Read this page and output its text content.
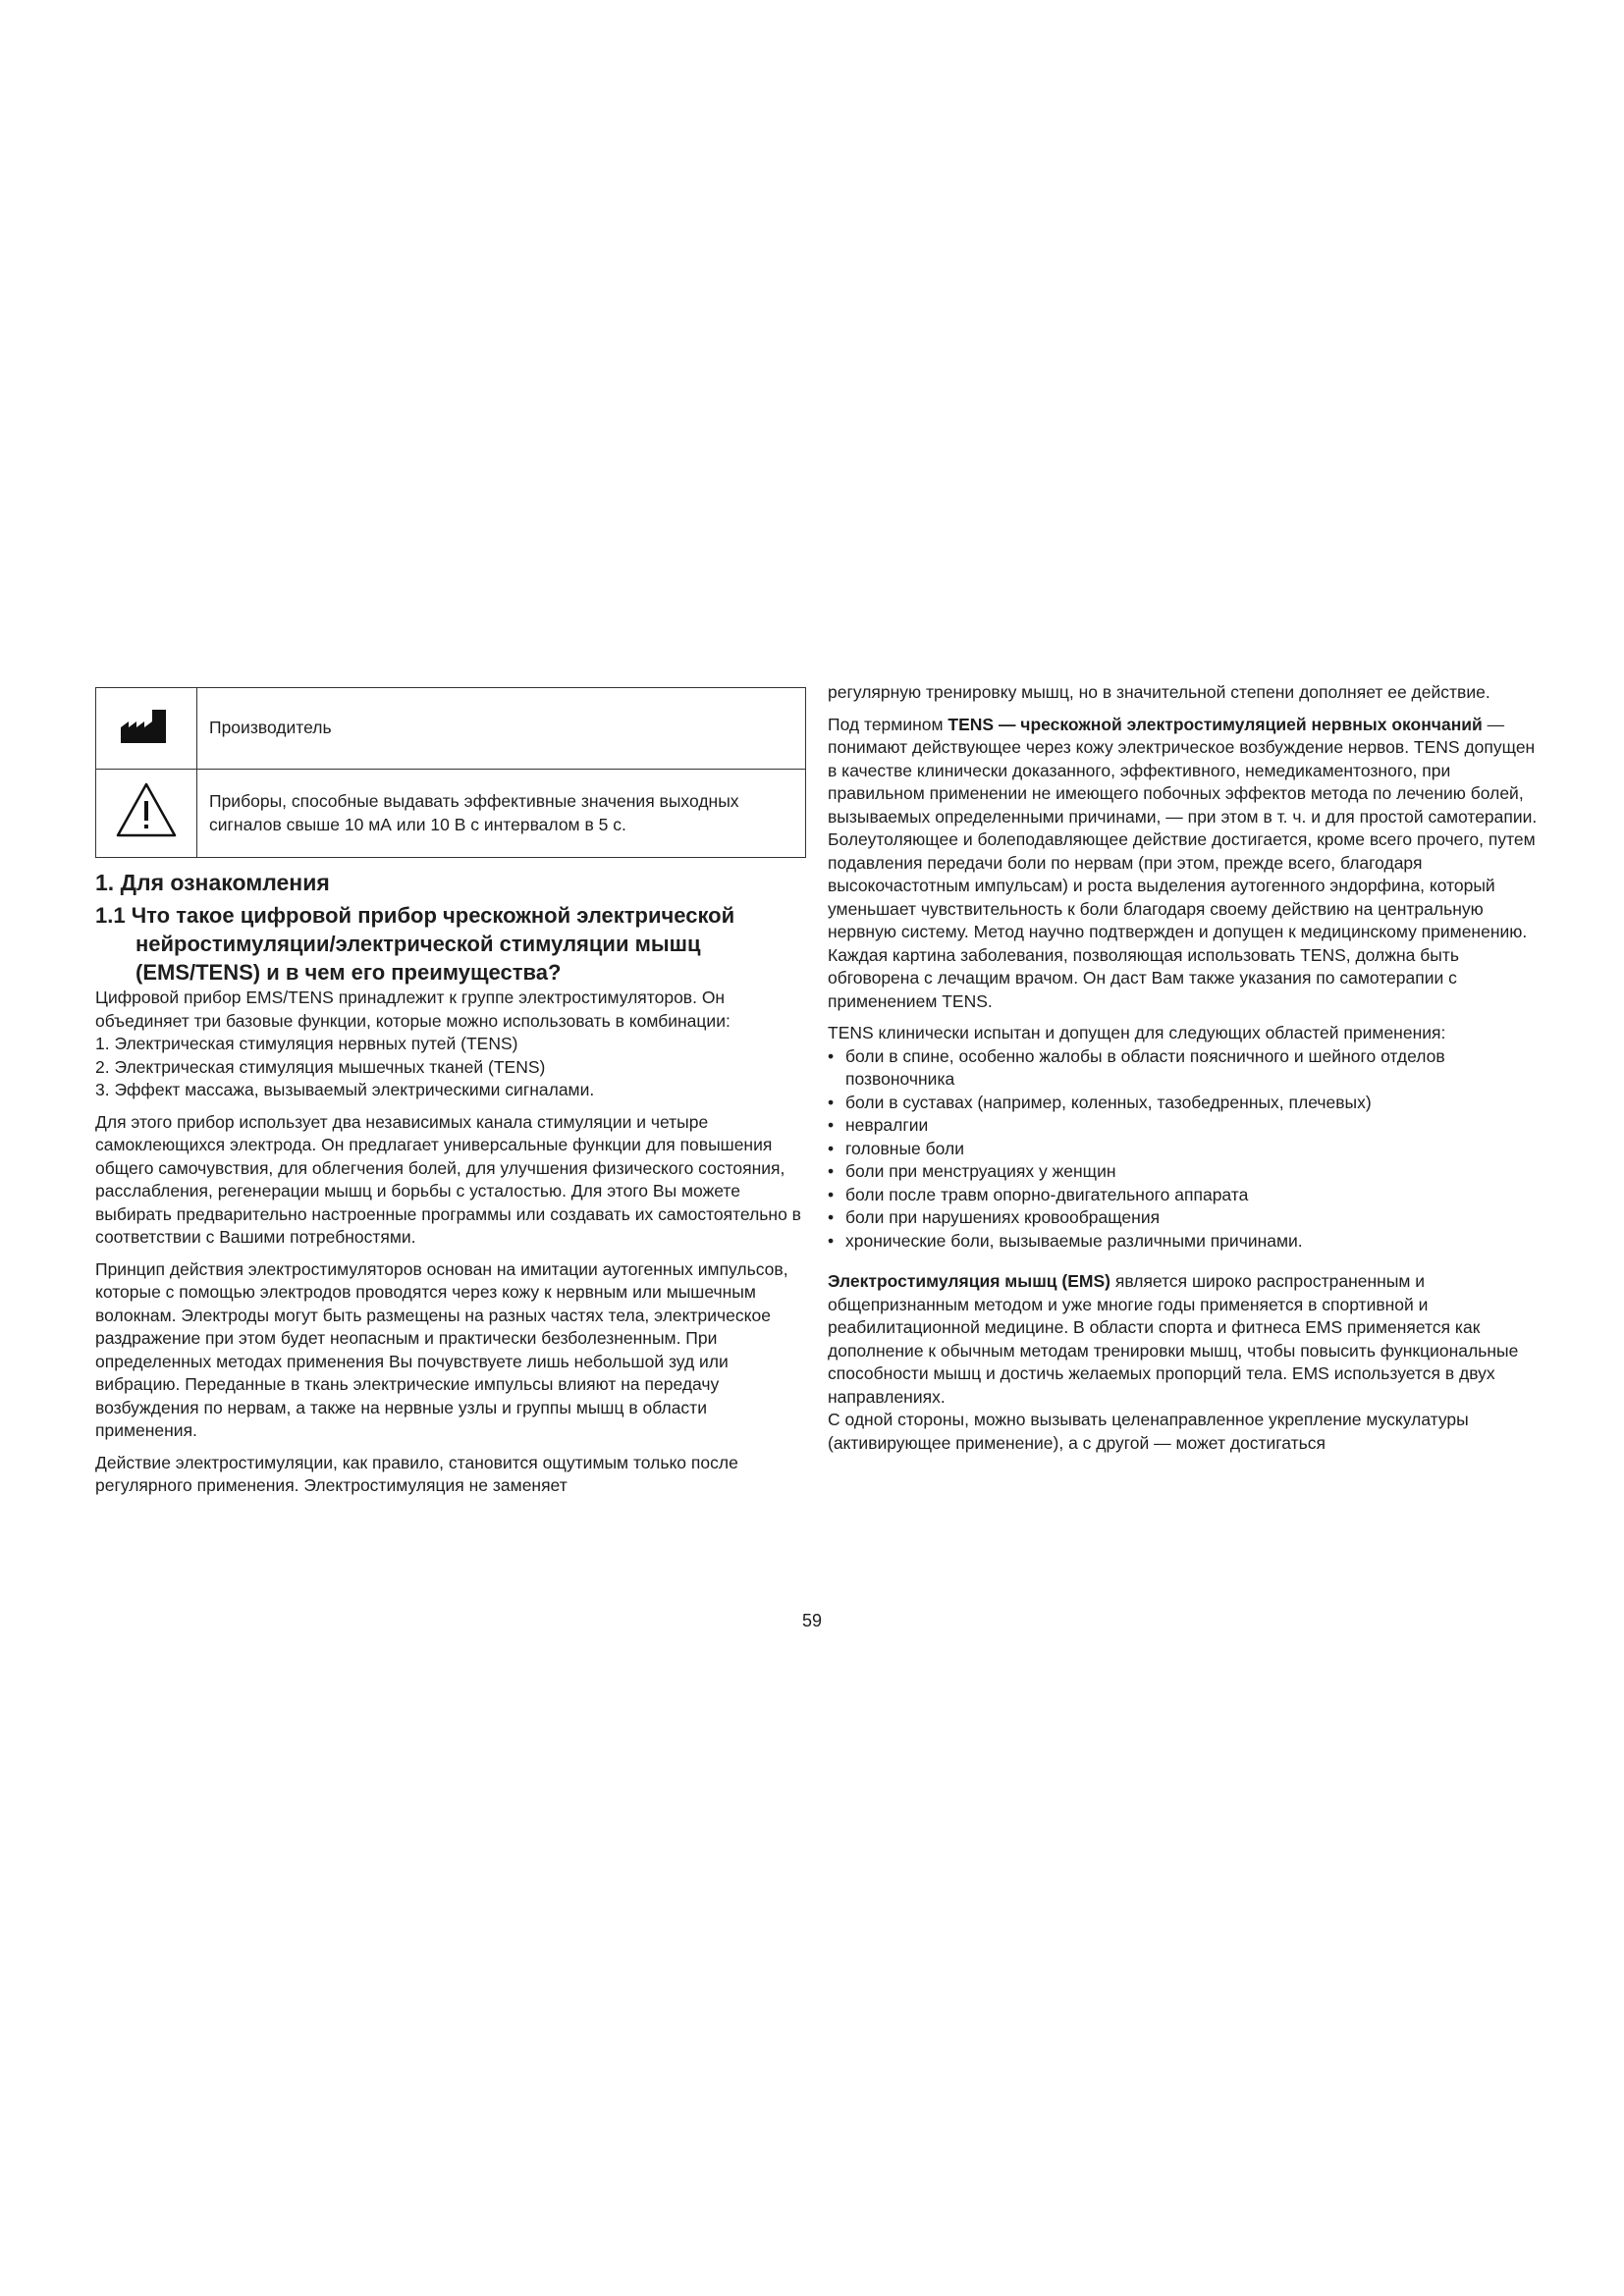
	Производитель
	Приборы, способные выдавать эффективные значения выходных сигналов свыше 10 мА или 10 В с интервалом в 5 с.
1. Для ознакомления
1.1 Что такое цифровой прибор чрескожной электрической нейростимуляции/электрической стимуляции мышц (EMS/TENS) и в чем его преимущества?

Цифровой прибор EMS/TENS принадлежит к группе электростимуляторов. Он объединяет три базовые функции, которые можно использовать в комбинации:

1. Электрическая стимуляция нервных путей (TENS)
2. Электрическая стимуляция мышечных тканей (TENS)
3. Эффект массажа, вызываемый электрическими сигналами.

Для этого прибор использует два независимых канала стимуляции и четыре самоклеющихся электрода. Он предлагает универсальные функции для повышения общего самочувствия, для облегчения болей, для улучшения физического состояния, расслабления, регенерации мышц и борьбы с усталостью. Для этого Вы можете выбирать предварительно настроенные программы или создавать их самостоятельно в соответствии с Вашими потребностями.

Принцип действия электростимуляторов основан на имитации аутогенных импульсов, которые с помощью электродов проводятся через кожу к нервным или мышечным волокнам. Электроды могут быть размещены на разных частях тела, электрическое раздражение при этом будет неопасным и практически безболезненным. При определенных методах применения Вы почувствуете лишь небольшой зуд или вибрацию. Переданные в ткань электрические импульсы влияют на передачу возбуждения по нервам, а также на нервные узлы и группы мышц в области применения.

Действие электростимуляции, как правило, становится ощутимым только после регулярного применения. Электростимуляция не заменяет

регулярную тренировку мышц, но в значительной степени дополняет ее действие.

Под термином TENS — чрескожной электростимуляцией нервных окончаний — понимают действующее через кожу электрическое возбуждение нервов. TENS допущен в качестве клинически доказанного, эффективного, немедикаментозного, при правильном применении не имеющего побочных эффектов метода по лечению болей, вызываемых определенными причинами, — при этом в т. ч. и для простой самотерапии. Болеутоляющее и болеподавляющее действие достигается, кроме всего прочего, путем подавления передачи боли по нервам (при этом, прежде всего, благодаря высокочастотным импульсам) и роста выделения аутогенного эндорфина, который уменьшает чувствительность к боли благодаря своему действию на центральную нервную систему. Метод научно подтвержден и допущен к медицинскому применению.

Каждая картина заболевания, позволяющая использовать TENS, должна быть обговорена с лечащим врачом. Он даст Вам также указания по самотерапии с применением TENS.

TENS клинически испытан и допущен для следующих областей применения:

• боли в спине, особенно жалобы в области поясничного и шейного отделов позвоночника
• боли в суставах (например, коленных, тазобедренных, плечевых)
• невралгии
• головные боли
• боли при менструациях у женщин
• боли после травм опорно-двигательного аппарата
• боли при нарушениях кровообращения
• хронические боли, вызываемые различными причинами.

Электростимуляция мышц (EMS) является широко распространенным и общепризнанным методом и уже многие годы применяется в спортивной и реабилитационной медицине. В области спорта и фитнеса EMS применяется как дополнение к обычным методам тренировки мышц, чтобы повысить функциональные способности мышц и достичь желаемых пропорций тела. EMS используется в двух направлениях.

С одной стороны, можно вызывать целенаправленное укрепление мускулатуры (активирующее применение), а с другой — может достигаться

59
